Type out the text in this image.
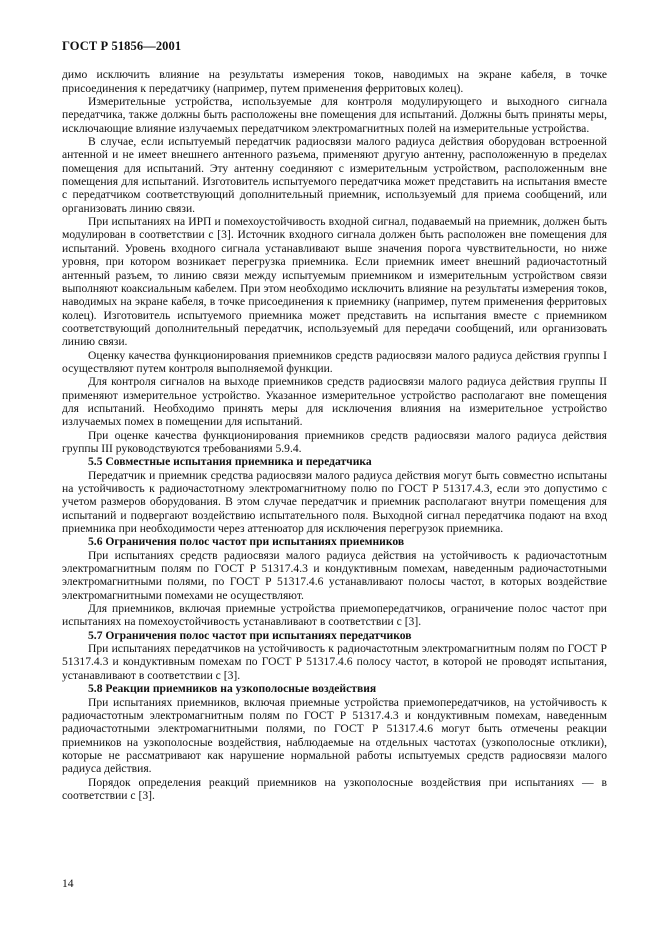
ГОСТ Р 51856—2001

димо исключить влияние на результаты измерения токов, наводимых на экране кабеля, в точке присоединения к передатчику (например, путем применения ферритовых колец).

Измерительные устройства, используемые для контроля модулирующего и выходного сигнала передатчика, также должны быть расположены вне помещения для испытаний. Должны быть приняты меры, исключающие влияние излучаемых передатчиком электромагнитных полей на измерительные устройства.

В случае, если испытуемый передатчик радиосвязи малого радиуса действия оборудован встроенной антенной и не имеет внешнего антенного разъема, применяют другую антенну, расположенную в пределах помещения для испытаний. Эту антенну соединяют с измерительным устройством, расположенным вне помещения для испытаний. Изготовитель испытуемого передатчика может представить на испытания вместе с передатчиком соответствующий дополнительный приемник, используемый для приема сообщений, или организовать линию связи.

При испытаниях на ИРП и помехоустойчивость входной сигнал, подаваемый на приемник, должен быть модулирован в соответствии с [3]. Источник входного сигнала должен быть расположен вне помещения для испытаний. Уровень входного сигнала устанавливают выше значения порога чувствительности, но ниже уровня, при котором возникает перегрузка приемника. Если приемник имеет внешний радиочастотный антенный разъем, то линию связи между испытуемым приемником и измерительным устройством связи выполняют коаксиальным кабелем. При этом необходимо исключить влияние на результаты измерения токов, наводимых на экране кабеля, в точке присоединения к приемнику (например, путем применения ферритовых колец). Изготовитель испытуемого приемника может представить на испытания вместе с приемником соответствующий дополнительный передатчик, используемый для передачи сообщений, или организовать линию связи.

Оценку качества функционирования приемников средств радиосвязи малого радиуса действия группы I осуществляют путем контроля выполняемой функции.

Для контроля сигналов на выходе приемников средств радиосвязи малого радиуса действия группы II применяют измерительное устройство. Указанное измерительное устройство располагают вне помещения для испытаний. Необходимо принять меры для исключения влияния на измерительное устройство излучаемых помех в помещении для испытаний.

При оценке качества функционирования приемников средств радиосвязи малого радиуса действия группы III руководствуются требованиями 5.9.4.

5.5 Совместные испытания приемника и передатчика

Передатчик и приемник средства радиосвязи малого радиуса действия могут быть совместно испытаны на устойчивость к радиочастотному электромагнитному полю по ГОСТ Р 51317.4.3, если это допустимо с учетом размеров оборудования. В этом случае передатчик и приемник располагают внутри помещения для испытаний и подвергают воздействию испытательного поля. Выходной сигнал передатчика подают на вход приемника при необходимости через аттенюатор для исключения перегрузок приемника.

5.6 Ограничения полос частот при испытаниях приемников

При испытаниях средств радиосвязи малого радиуса действия на устойчивость к радиочастотным электромагнитным полям по ГОСТ Р 51317.4.3 и кондуктивным помехам, наведенным радиочастотными электромагнитными полями, по ГОСТ Р 51317.4.6 устанавливают полосы частот, в которых воздействие электромагнитными помехами не осуществляют.

Для приемников, включая приемные устройства приемопередатчиков, ограничение полос частот при испытаниях на помехоустойчивость устанавливают в соответствии с [3].

5.7 Ограничения полос частот при испытаниях передатчиков

При испытаниях передатчиков на устойчивость к радиочастотным электромагнитным полям по ГОСТ Р 51317.4.3 и кондуктивным помехам по ГОСТ Р 51317.4.6 полосу частот, в которой не проводят испытания, устанавливают в соответствии с [3].

5.8 Реакции приемников на узкополосные воздействия

При испытаниях приемников, включая приемные устройства приемопередатчиков, на устойчивость к радиочастотным электромагнитным полям по ГОСТ Р 51317.4.3 и кондуктивным помехам, наведенным радиочастотными электромагнитными полями, по ГОСТ Р 51317.4.6 могут быть отмечены реакции приемников на узкополосные воздействия, наблюдаемые на отдельных частотах (узкополосные отклики), которые не рассматривают как нарушение нормальной работы испытуемых средств радиосвязи малого радиуса действия.

Порядок определения реакций приемников на узкополосные воздействия при испытаниях — в соответствии с [3].

14
